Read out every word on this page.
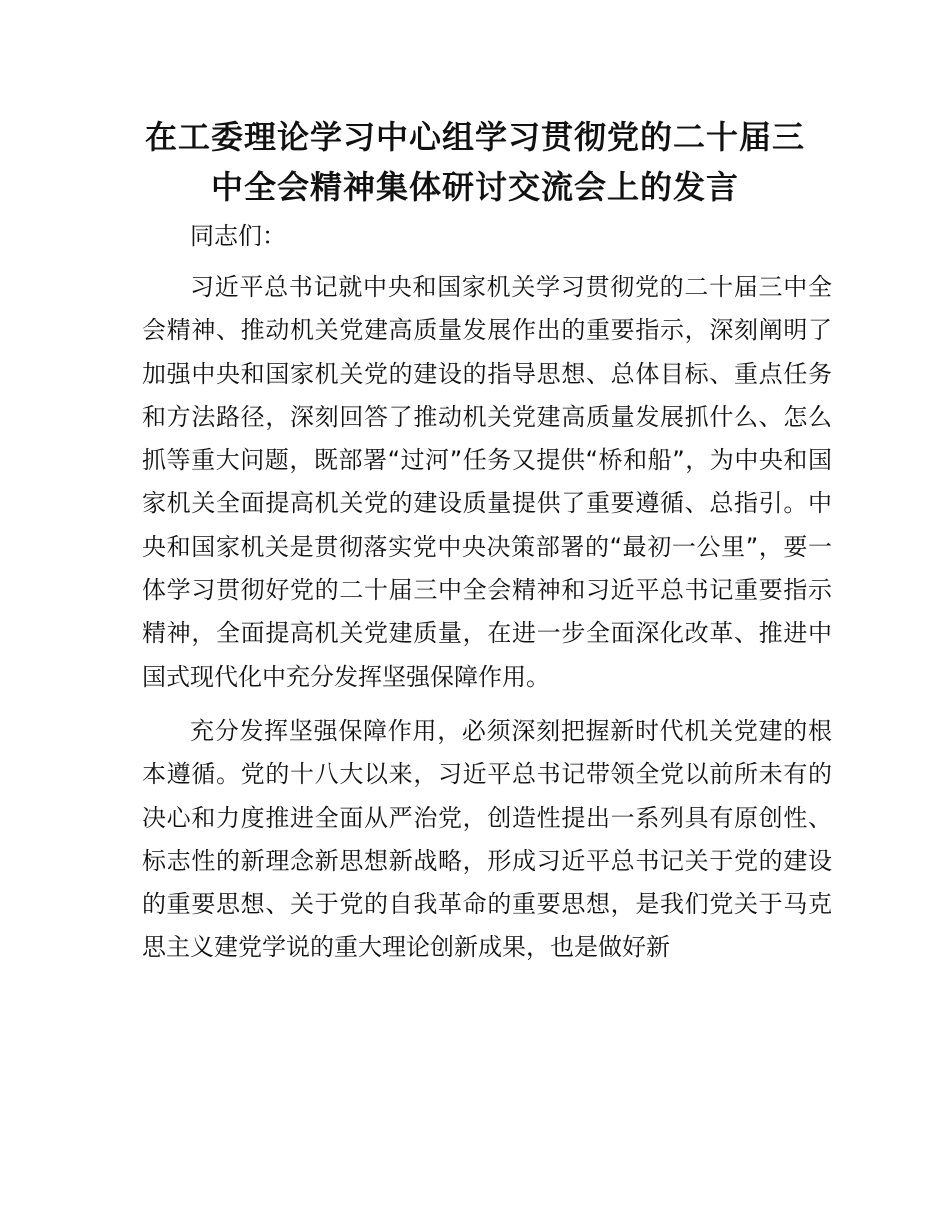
在工委理论学习中心组学习贯彻党的二十届三
中全会精神集体研讨交流会上的发言
同志们：

习近平总书记就中央和国家机关学习贯彻党的二十届三中全会精神、推动机关党建高质量发展作出的重要指示，深刻阐明了加强中央和国家机关党的建设的指导思想、总体目标、重点任务和方法路径，深刻回答了推动机关党建高质量发展抓什么、怎么抓等重大问题，既部署“过河”任务又提供“桥和船”，为中央和国家机关全面提高机关党的建设质量提供了重要遵循、总指引。中央和国家机关是贯彻落实党中央决策部署的“最初一公里”，要一体学习贯彻好党的二十届三中全会精神和习近平总书记重要指示精神，全面提高机关党建质量，在进一步全面深化改革、推进中国式现代化中充分发挥坚强保障作用。

充分发挥坚强保障作用，必须深刻把握新时代机关党建的根本遵循。党的十八大以来，习近平总书记带领全党以前所未有的决心和力度推进全面从严治党，创造性提出一系列具有原创性、标志性的新理念新思想新战略，形成习近平总书记关于党的建设的重要思想、关于党的自我革命的重要思想，是我们党关于马克思主义建党学说的重大理论创新成果，也是做好新
